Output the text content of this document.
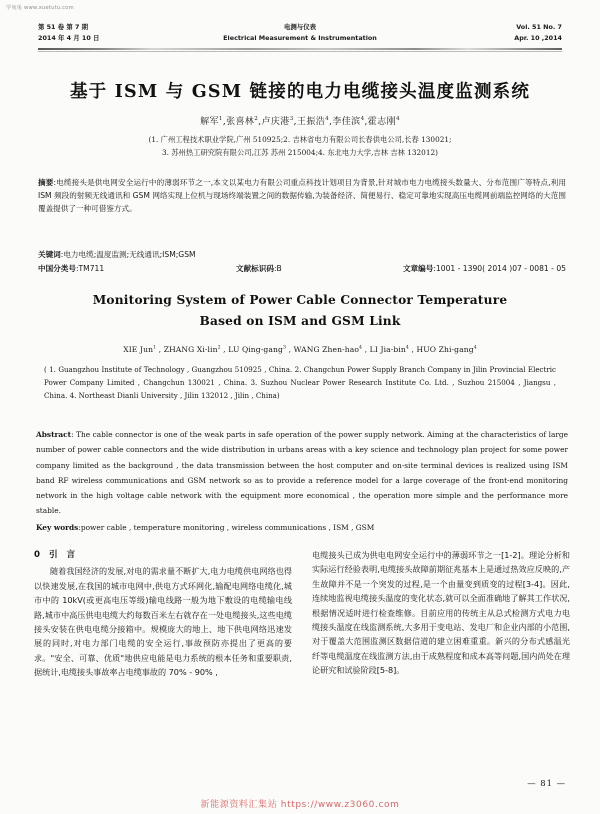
学兔兔 www.xuetutu.com
第 51 卷 第 7 期
2014 年 4 月 10 日
电测与仪表
Electrical Measurement & Instrumentation
Vol. 51 No. 7
Apr. 10 ,2014
基于 ISM 与 GSM 链接的电力电缆接头温度监测系统
解军$^1$,张喜林$^2$,卢庆港$^3$,王振浩$^4$,李佳滨$^4$,霍志刚$^4$
(1. 广州工程技术职业学院,广州 510925;2. 吉林省电力有限公司长春供电公司,长春 130021;
3. 苏州热工研究院有限公司,江苏 苏州 215004;4. 东北电力大学,吉林 吉林 132012)
摘要:电缆接头是供电网安全运行中的薄弱环节之一,本文以某电力有限公司重点科技计划项目为背景,针对城市电力电缆接头数量大、分布范围广等特点,利用 ISM 频段的射频无线通讯和 GSM 网络实现上位机与现场终端装置之间的数据传输,为装备经济、简便易行、稳定可靠地实现高压电缆网前端监控网络的大范围覆盖提供了一种可借鉴方式。
关键词:电力电缆;温度监测;无线通讯;ISM;GSM
中国分类号:TM711	文献标识码:B	文章编号:1001 - 1390( 2014 )07 - 0081 - 05
Monitoring System of Power Cable Connector Temperature
Based on ISM and GSM Link
XIE Jun$^1$ , ZHANG Xi-lin$^2$ , LU Qing-gang$^3$ , WANG Zhen-hao$^4$ , LI Jia-bin$^4$ , HUO Zhi-gang$^4$
( 1. Guangzhou Institute of Technology , Guangzhou 510925 , China. 2. Changchun Power Supply Branch Company in Jilin Provincial Electric Power Company Limited , Changchun 130021 , China. 3. Suzhou Nuclear Power Research Institute Co. Ltd. , Suzhou 215004 , Jiangsu , China. 4. Northeast Dianli University , Jilin 132012 , Jilin , China)
Abstract: The cable connector is one of the weak parts in safe operation of the power supply network. Aiming at the characteristics of large number of power cable connectors and the wide distribution in urbans areas with a key science and technology plan project for some power company limited as the background , the data transmission between the host computer and on-site terminal devices is realized using ISM band RF wireless communications and GSM network so as to provide a reference model for a large coverage of the front-end monitoring network in the high voltage cable network with the equipment more economical , the operation more simple and the performance more stable.
Key words:power cable , temperature monitoring , wireless communications , ISM , GSM
0 引 言

随着我国经济的发展,对电的需求量不断扩大,电力电缆供电网络也得以快速发展,在我国的城市电网中,供电方式环网化,输配电网络电缆化,城市中的 10kV(或更高电压等级)输电线路一般为地下敷设的电缆输电线路,城市中高压供电电缆大约每数百米左右就存在一处电缆接头,这些电缆接头安装在供电电缆分接箱中。规模庞大的地上、地下供电网络迅速发展的同时,对电力部门电缆的安全运行,事故预防亦提出了更高的要求。"安全、可靠、优质"地供应电能是电力系统的根本任务和重要职责,据统计,电缆接头事故率占电缆事故的 70% - 90% ,

电缆接头已成为供电电网安全运行中的薄弱环节之一[1-2]。理论分析和实际运行经验表明,电缆接头故障前期征兆基本上是通过热效应反映的,产生故障并不是一个突发的过程,是一个由量变到质变的过程[3-4]。因此,连续地监视电缆接头温度的变化状态,就可以全面准确地了解其工作状况,根据情况适时进行检查维修。目前应用的传统主从总式检测方式电力电缆接头温度在线监测系统,大多用于变电站、发电厂和企业内部的小范围,对于覆盖大范围监测区数据信道的建立困难重重。新兴的分布式感温光纤等电缆温度在线监测方法,由于成熟程度和成本高等问题,国内尚处在理论研究和试验阶段[5-8]。

— 81 —
新能源资料汇集站 https://www.z3060.com
